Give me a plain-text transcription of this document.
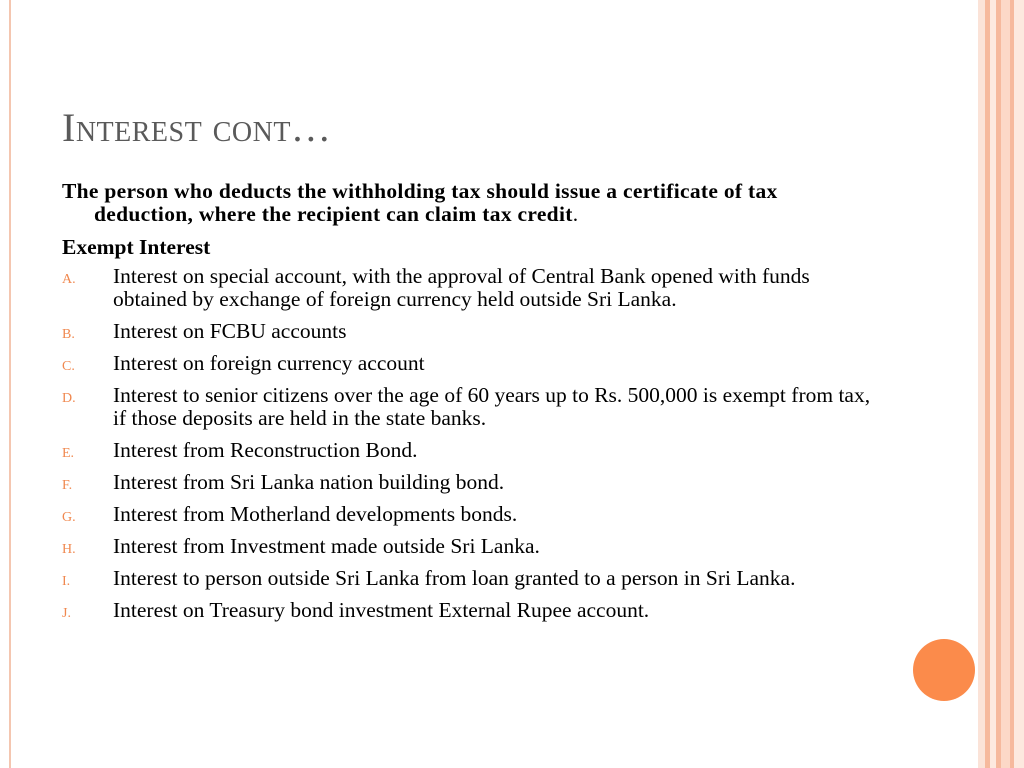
Interest cont…
The person who deducts the withholding tax should issue a certificate of tax deduction, where the recipient can claim tax credit.
Exempt Interest
A. Interest on special account, with the approval of Central Bank opened with funds obtained by exchange of foreign currency held outside Sri Lanka.
B. Interest on FCBU accounts
C. Interest on foreign currency account
D. Interest to senior citizens over the age of 60 years up to Rs. 500,000 is exempt from tax, if those deposits are held in the state banks.
E. Interest from Reconstruction Bond.
F. Interest from Sri Lanka nation building bond.
G. Interest from Motherland developments bonds.
H. Interest from Investment made outside Sri Lanka.
I. Interest to person outside Sri Lanka from loan granted to a person in Sri Lanka.
J. Interest on Treasury bond investment External Rupee account.
